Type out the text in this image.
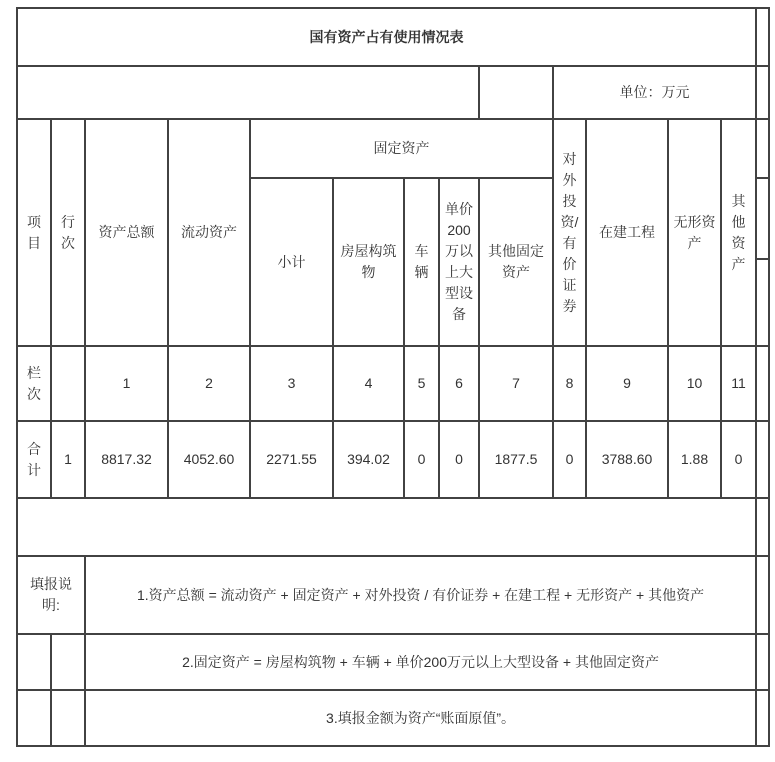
国有资产占有使用情况表													
									单位：万元				
项目	行次	资产总额	流动资产	固定资产					对外投资/有价证券	在建工程	无形资产	其他资产	
				小计	房屋构筑物	车辆	单价200万以上大型设备	其他固定资产					

栏次		1	2	3	4	5	6	7	8	9	10	11	
合计	1	8817.32	4052.60	2271.55	394.02	0	0	1877.5	0	3788.60	1.88	0	

填报说明:		1.资产总额 = 流动资产 + 固定资产 + 对外投资 / 有价证券 + 在建工程 + 无形资产 + 其他资产											
		2.固定资产 = 房屋构筑物 + 车辆 + 单价200万元以上大型设备 + 其他固定资产											
		3.填报金额为资产“账面原值”。											
